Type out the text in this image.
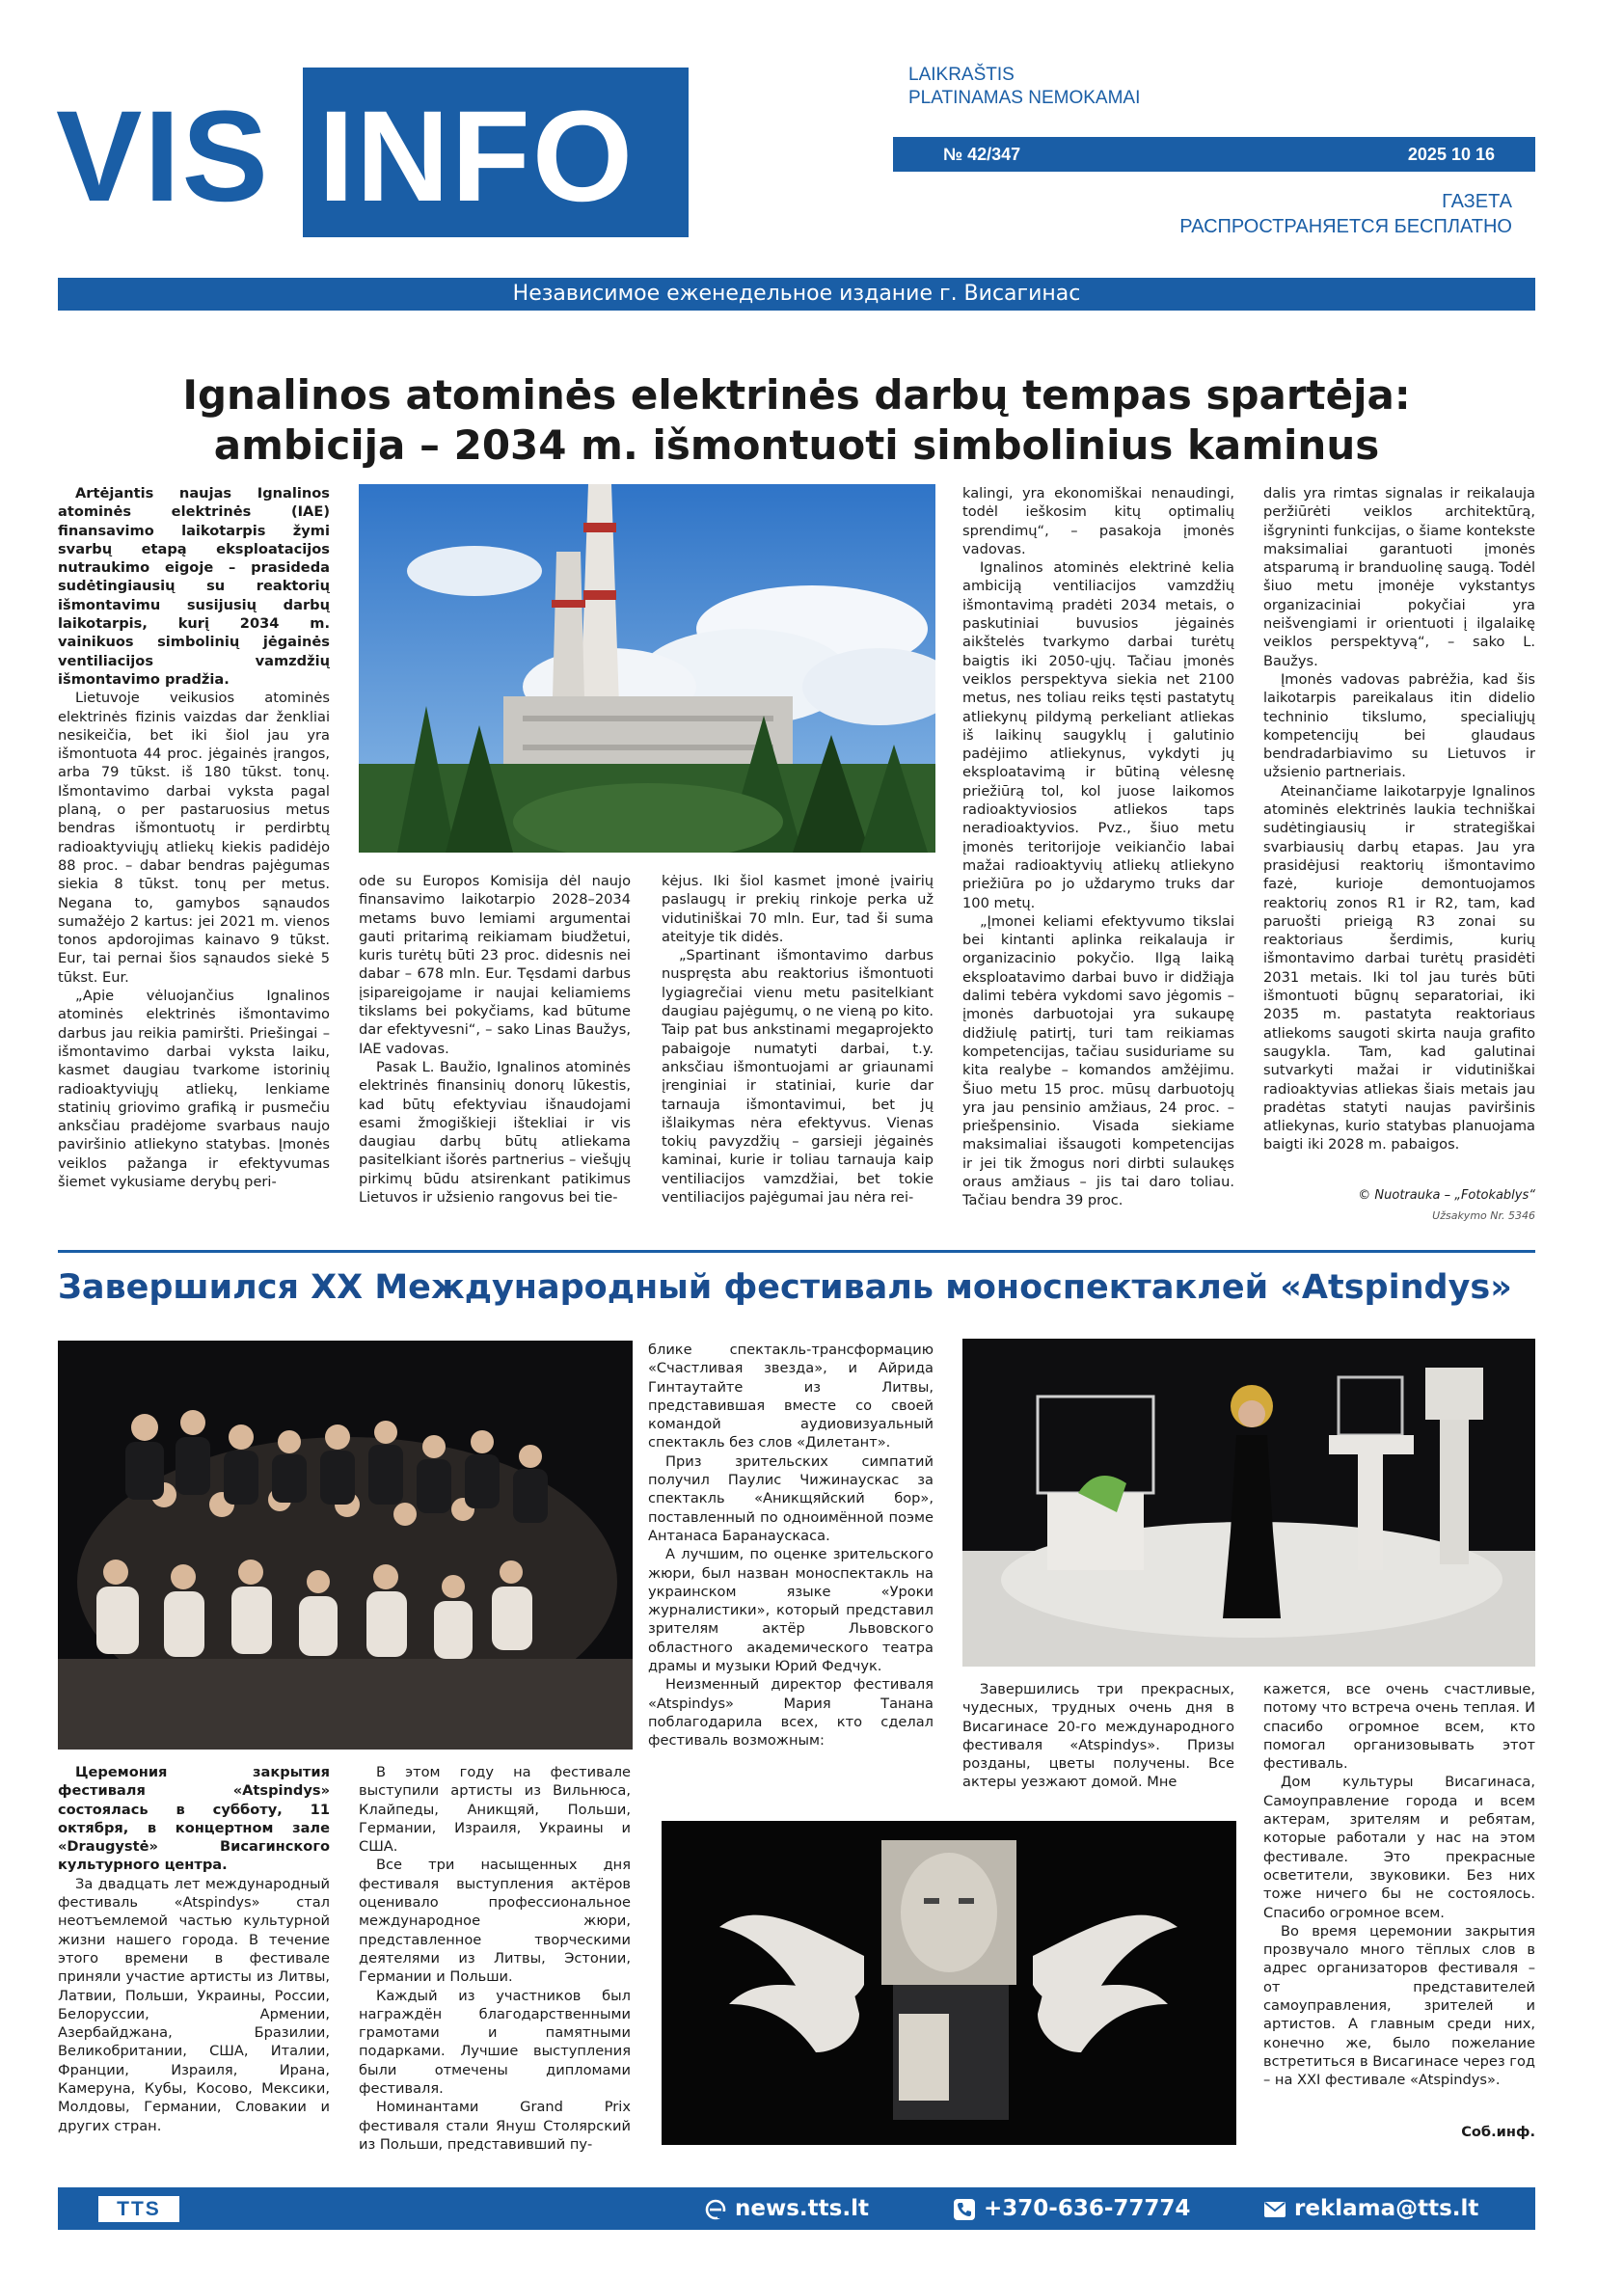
VIS INFO
LAIKRAŠTIS
PLATINAMAS NEMOKAMAI
№ 42/347	2025 10 16
ГАЗЕТА
РАСПРОСТРАНЯЕТСЯ БЕСПЛАТНО
Независимое еженедельное издание г. Висагинас
Ignalinos atominės elektrinės darbų tempas spartėja:
ambicija – 2034 m. išmontuoti simbolinius kaminus

Artėjantis naujas Ignalinos atominės elektrinės (IAE) finansavimo laikotarpis žymi svarbų etapą eksploatacijos nutraukimo eigoje – prasideda sudėtingiausių su reaktorių išmontavimu susijusių darbų laikotarpis, kurį 2034 m. vainikuos simbolinių jėgainės ventiliacijos vamzdžių išmontavimo pradžia.

Lietuvoje veikusios atominės elektrinės fizinis vaizdas dar ženkliai nesikeičia, bet iki šiol jau yra išmontuota 44 proc. jėgainės įrangos, arba 79 tūkst. iš 180 tūkst. tonų. Išmontavimo darbai vyksta pagal planą, o per pastaruosius metus bendras išmontuotų ir perdirbtų radioaktyviųjų atliekų kiekis padidėjo 88 proc. – dabar bendras pajėgumas siekia 8 tūkst. tonų per metus. Negana to, gamybos sąnaudos sumažėjo 2 kartus: jei 2021 m. vienos tonos apdorojimas kainavo 9 tūkst. Eur, tai pernai šios sąnaudos siekė 5 tūkst. Eur.

„Apie vėluojančius Ignalinos atominės elektrinės išmontavimo darbus jau reikia pamiršti. Priešingai – išmontavimo darbai vyksta laiku, kasmet daugiau tvarkome istorinių radioaktyviųjų atliekų, lenkiame statinių griovimo grafiką ir pusmečiu anksčiau pradėjome svarbaus naujo paviršinio atliekyno statybas. Įmonės veiklos pažanga ir efektyvumas šiemet vykusiame derybų peri-

ode su Europos Komisija dėl naujo finansavimo laikotarpio 2028–2034 metams buvo lemiami argumentai gauti pritarimą reikiamam biudžetui, kuris turėtų būti 23 proc. didesnis nei dabar – 678 mln. Eur. Tęsdami darbus įsipareigojame ir naujai keliamiems tikslams bei pokyčiams, kad būtume dar efektyvesni“, – sako Linas Baužys, IAE vadovas.

Pasak L. Baužio, Ignalinos atominės elektrinės finansinių donorų lūkestis, kad būtų efektyviau išnaudojami esami žmogiškieji ištekliai ir vis daugiau darbų būtų atliekama pasitelkiant išorės partnerius – viešųjų pirkimų būdu atsirenkant patikimus Lietuvos ir užsienio rangovus bei tie-

kėjus. Iki šiol kasmet įmonė įvairių paslaugų ir prekių rinkoje perka už vidutiniškai 70 mln. Eur, tad ši suma ateityje tik didės.

„Spartinant išmontavimo darbus nuspręsta abu reaktorius išmontuoti lygiagrečiai vienu metu pasitelkiant daugiau pajėgumų, o ne vieną po kito. Taip pat bus ankstinami megaprojekto pabaigoje numatyti darbai, t.y. anksčiau išmontuojami ar griaunami įrenginiai ir statiniai, kurie dar tarnauja išmontavimui, bet jų išlaikymas nėra efektyvus. Vienas tokių pavyzdžių – garsieji jėgainės kaminai, kurie ir toliau tarnauja kaip ventiliacijos vamzdžiai, bet tokie ventiliacijos pajėgumai jau nėra rei-

kalingi, yra ekonomiškai nenaudingi, todėl ieškosim kitų optimalių sprendimų“, – pasakoja įmonės vadovas.

Ignalinos atominės elektrinė kelia ambiciją ventiliacijos vamzdžių išmontavimą pradėti 2034 metais, o paskutiniai buvusios jėgainės aikštelės tvarkymo darbai turėtų baigtis iki 2050-ųjų. Tačiau įmonės veiklos perspektyva siekia net 2100 metus, nes toliau reiks tęsti pastatytų atliekynų pildymą perkeliant atliekas iš laikinų saugyklų į galutinio padėjimo atliekynus, vykdyti jų eksploatavimą ir būtiną vėlesnę priežiūrą tol, kol juose laikomos radioaktyviosios atliekos taps neradioaktyvios. Pvz., šiuo metu įmonės teritorijoje veikiančio labai mažai radioaktyvių atliekų atliekyno priežiūra po jo uždarymo truks dar 100 metų.

„Įmonei keliami efektyvumo tikslai bei kintanti aplinka reikalauja ir organizacinio pokyčio. Ilgą laiką eksploatavimo darbai buvo ir didžiąja dalimi tebėra vykdomi savo jėgomis – įmonės darbuotojai yra sukaupę didžiulę patirtį, turi tam reikiamas kompetencijas, tačiau susiduriame su kita realybe – komandos amžėjimu. Šiuo metu 15 proc. mūsų darbuotojų yra jau pensinio amžiaus, 24 proc. – priešpensinio. Visada siekiame maksimaliai išsaugoti kompetencijas ir jei tik žmogus nori dirbti sulaukęs oraus amžiaus – jis tai daro toliau. Tačiau bendra 39 proc.

dalis yra rimtas signalas ir reikalauja peržiūrėti veiklos architektūrą, išgryninti funkcijas, o šiame kontekste maksimaliai garantuoti įmonės atsparumą ir branduolinę saugą. Todėl šiuo metu įmonėje vykstantys organizaciniai pokyčiai yra neišvengiami ir orientuoti į ilgalaikę veiklos perspektyvą“, – sako L. Baužys.

Įmonės vadovas pabrėžia, kad šis laikotarpis pareikalaus itin didelio techninio tikslumo, specialiųjų kompetencijų bei glaudaus bendradarbiavimo su Lietuvos ir užsienio partneriais.

Ateinančiame laikotarpyje Ignalinos atominės elektrinės laukia techniškai sudėtingiausių ir strategiškai svarbiausių darbų etapas. Jau yra prasidėjusi reaktorių išmontavimo fazė, kurioje demontuojamos reaktorių zonos R1 ir R2, tam, kad paruošti prieigą R3 zonai su reaktoriaus šerdimis, kurių išmontavimo darbai turėtų prasidėti 2031 metais. Iki tol jau turės būti išmontuoti būgnų separatoriai, iki 2035 m. pastatyta reaktoriaus atliekoms saugoti skirta nauja grafito saugykla. Tam, kad galutinai sutvarkyti mažai ir vidutiniškai radioaktyvias atliekas šiais metais jau pradėtas statyti naujas paviršinis atliekynas, kurio statybas planuojama baigti iki 2028 m. pabaigos.

© Nuotrauka – „Fotokablys“
Užsakymo Nr. 5346
Завершился XX Международный фестиваль моноспектаклей «Atspindys»

Церемония закрытия фестиваля «Atspindys» состоялась в субботу, 11 октября, в концертном зале «Draugystė» Висагинского культурного центра.

За двадцать лет международный фестиваль «Atspindys» стал неотъемлемой частью культурной жизни нашего города. В течение этого времени в фестивале приняли участие артисты из Литвы, Латвии, Польши, Украины, России, Белоруссии, Армении, Азербайджана, Бразилии, Великобритании, США, Италии, Франции, Израиля, Ирана, Камеруна, Кубы, Косово, Мексики, Молдовы, Германии, Словакии и других стран.

В этом году на фестивале выступили артисты из Вильнюса, Клайпеды, Аникщяй, Польши, Германии, Израиля, Украины и США.

Все три насыщенных дня фестиваля выступления актёров оценивало профессиональное международное жюри, представленное творческими деятелями из Литвы, Эстонии, Германии и Польши.

Каждый из участников был награждён благодарственными грамотами и памятными подарками. Лучшие выступления были отмечены дипломами фестиваля.

Номинантами Grand Prix фестиваля стали Януш Столярский из Польши, представивший пу-

блике спектакль-трансформацию «Счастливая звезда», и Айрида Гинтаутайте из Литвы, представившая вместе со своей командой аудиовизуальный спектакль без слов «Дилетант».

Приз зрительских симпатий получил Паулис Чижинаускас за спектакль «Аникщяйский бор», поставленный по одноимённой поэме Антанаса Баранаускаса.

А лучшим, по оценке зрительского жюри, был назван моноспектакль на украинском языке «Уроки журналистики», который представил зрителям актёр Львовского областного академического театра драмы и музыки Юрий Федчук.

Неизменный директор фестиваля «Atspindys» Мария Танана поблагодарила всех, кто сделал фестиваль возможным:

Завершились три прекрасных, чудесных, трудных очень дня в Висагинасе 20-го международного фестиваля «Atspindys». Призы розданы, цветы получены. Все актеры уезжают домой. Мне

кажется, все очень счастливые, потому что встреча очень теплая. И спасибо огромное всем, кто помогал организовывать этот фестиваль.

Дом культуры Висагинаса, Самоуправление города и всем актерам, зрителям и ребятам, которые работали у нас на этом фестивале. Это прекрасные осветители, звуковики. Без них тоже ничего бы не состоялось. Спасибо огромное всем.

Во время церемонии закрытия прозвучало много тёплых слов в адрес организаторов фестиваля – от представителей самоуправления, зрителей и артистов. А главным среди них, конечно же, было пожелание встретиться в Висагинасе через год – на XXI фестивале «Atspindys».

Соб.инф.
TTS	news.tts.lt	+370-636-77774	reklama@tts.lt
